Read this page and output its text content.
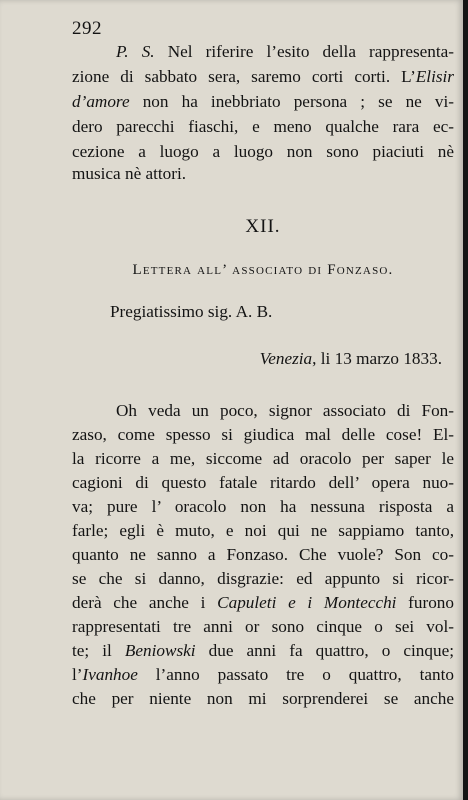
292
P. S. Nel riferire l’esito della rappresenta-
zione di sabbato sera, saremo corti corti. L’Elisir
d’amore non ha inebbriato persona ; se ne vi-
dero parecchi fiaschi, e meno qualche rara ec-
cezione a luogo a luogo non sono piaciuti nè
musica nè attori.
XII.
Lettera all’ associato di Fonzaso.
Pregiatissimo sig. A. B.
Venezia, li 13 marzo 1833.
Oh veda un poco, signor associato di Fon-
zaso, come spesso si giudica mal delle cose! El-
la ricorre a me, siccome ad oracolo per saper le
cagioni di questo fatale ritardo dell’ opera nuo-
va; pure l’ oracolo non ha nessuna risposta a
farle; egli è muto, e noi qui ne sappiamo tanto,
quanto ne sanno a Fonzaso. Che vuole? Son co-
se che si danno, disgrazie: ed appunto si ricor-
derà che anche i Capuleti e i Montecchi furono
rappresentati tre anni or sono cinque o sei vol-
te; il Beniowski due anni fa quattro, o cinque;
l’Ivanhoe l’anno passato tre o quattro, tanto
che per niente non mi sorprenderei se anche
